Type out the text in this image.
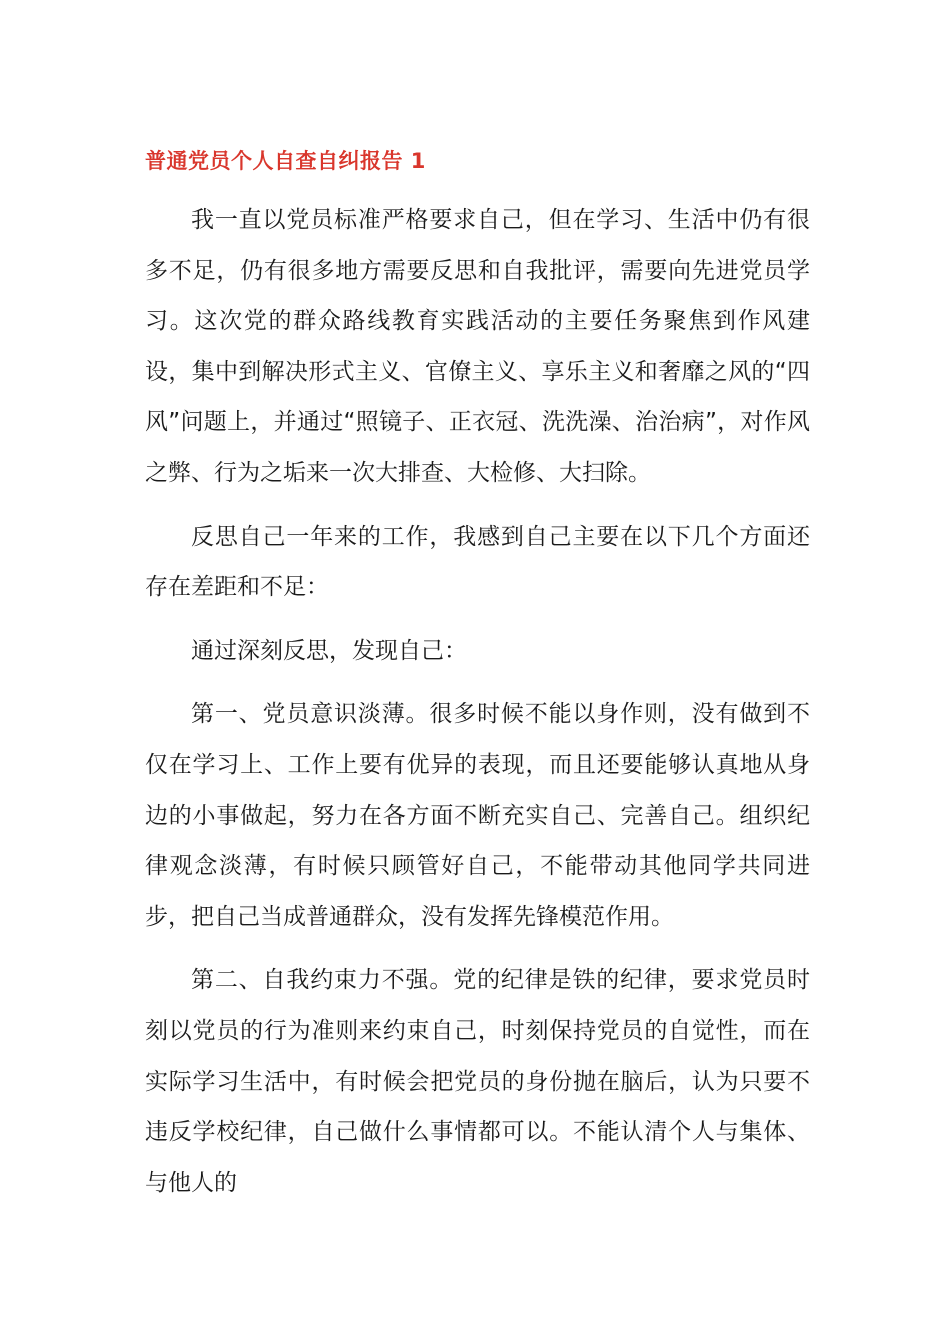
普通党员个人自查自纠报告 1

我一直以党员标准严格要求自己，但在学习、生活中仍有很多不足，仍有很多地方需要反思和自我批评，需要向先进党员学习。这次党的群众路线教育实践活动的主要任务聚焦到作风建设，集中到解决形式主义、官僚主义、享乐主义和奢靡之风的“四风”问题上，并通过“照镜子、正衣冠、洗洗澡、治治病”，对作风之弊、行为之垢来一次大排查、大检修、大扫除。

反思自己一年来的工作，我感到自己主要在以下几个方面还存在差距和不足：

通过深刻反思，发现自己：

第一、党员意识淡薄。很多时候不能以身作则，没有做到不仅在学习上、工作上要有优异的表现，而且还要能够认真地从身边的小事做起，努力在各方面不断充实自己、完善自己。组织纪律观念淡薄，有时候只顾管好自己，不能带动其他同学共同进步，把自己当成普通群众，没有发挥先锋模范作用。

第二、自我约束力不强。党的纪律是铁的纪律，要求党员时刻以党员的行为准则来约束自己，时刻保持党员的自觉性，而在实际学习生活中，有时候会把党员的身份抛在脑后，认为只要不违反学校纪律，自己做什么事情都可以。不能认清个人与集体、与他人的
